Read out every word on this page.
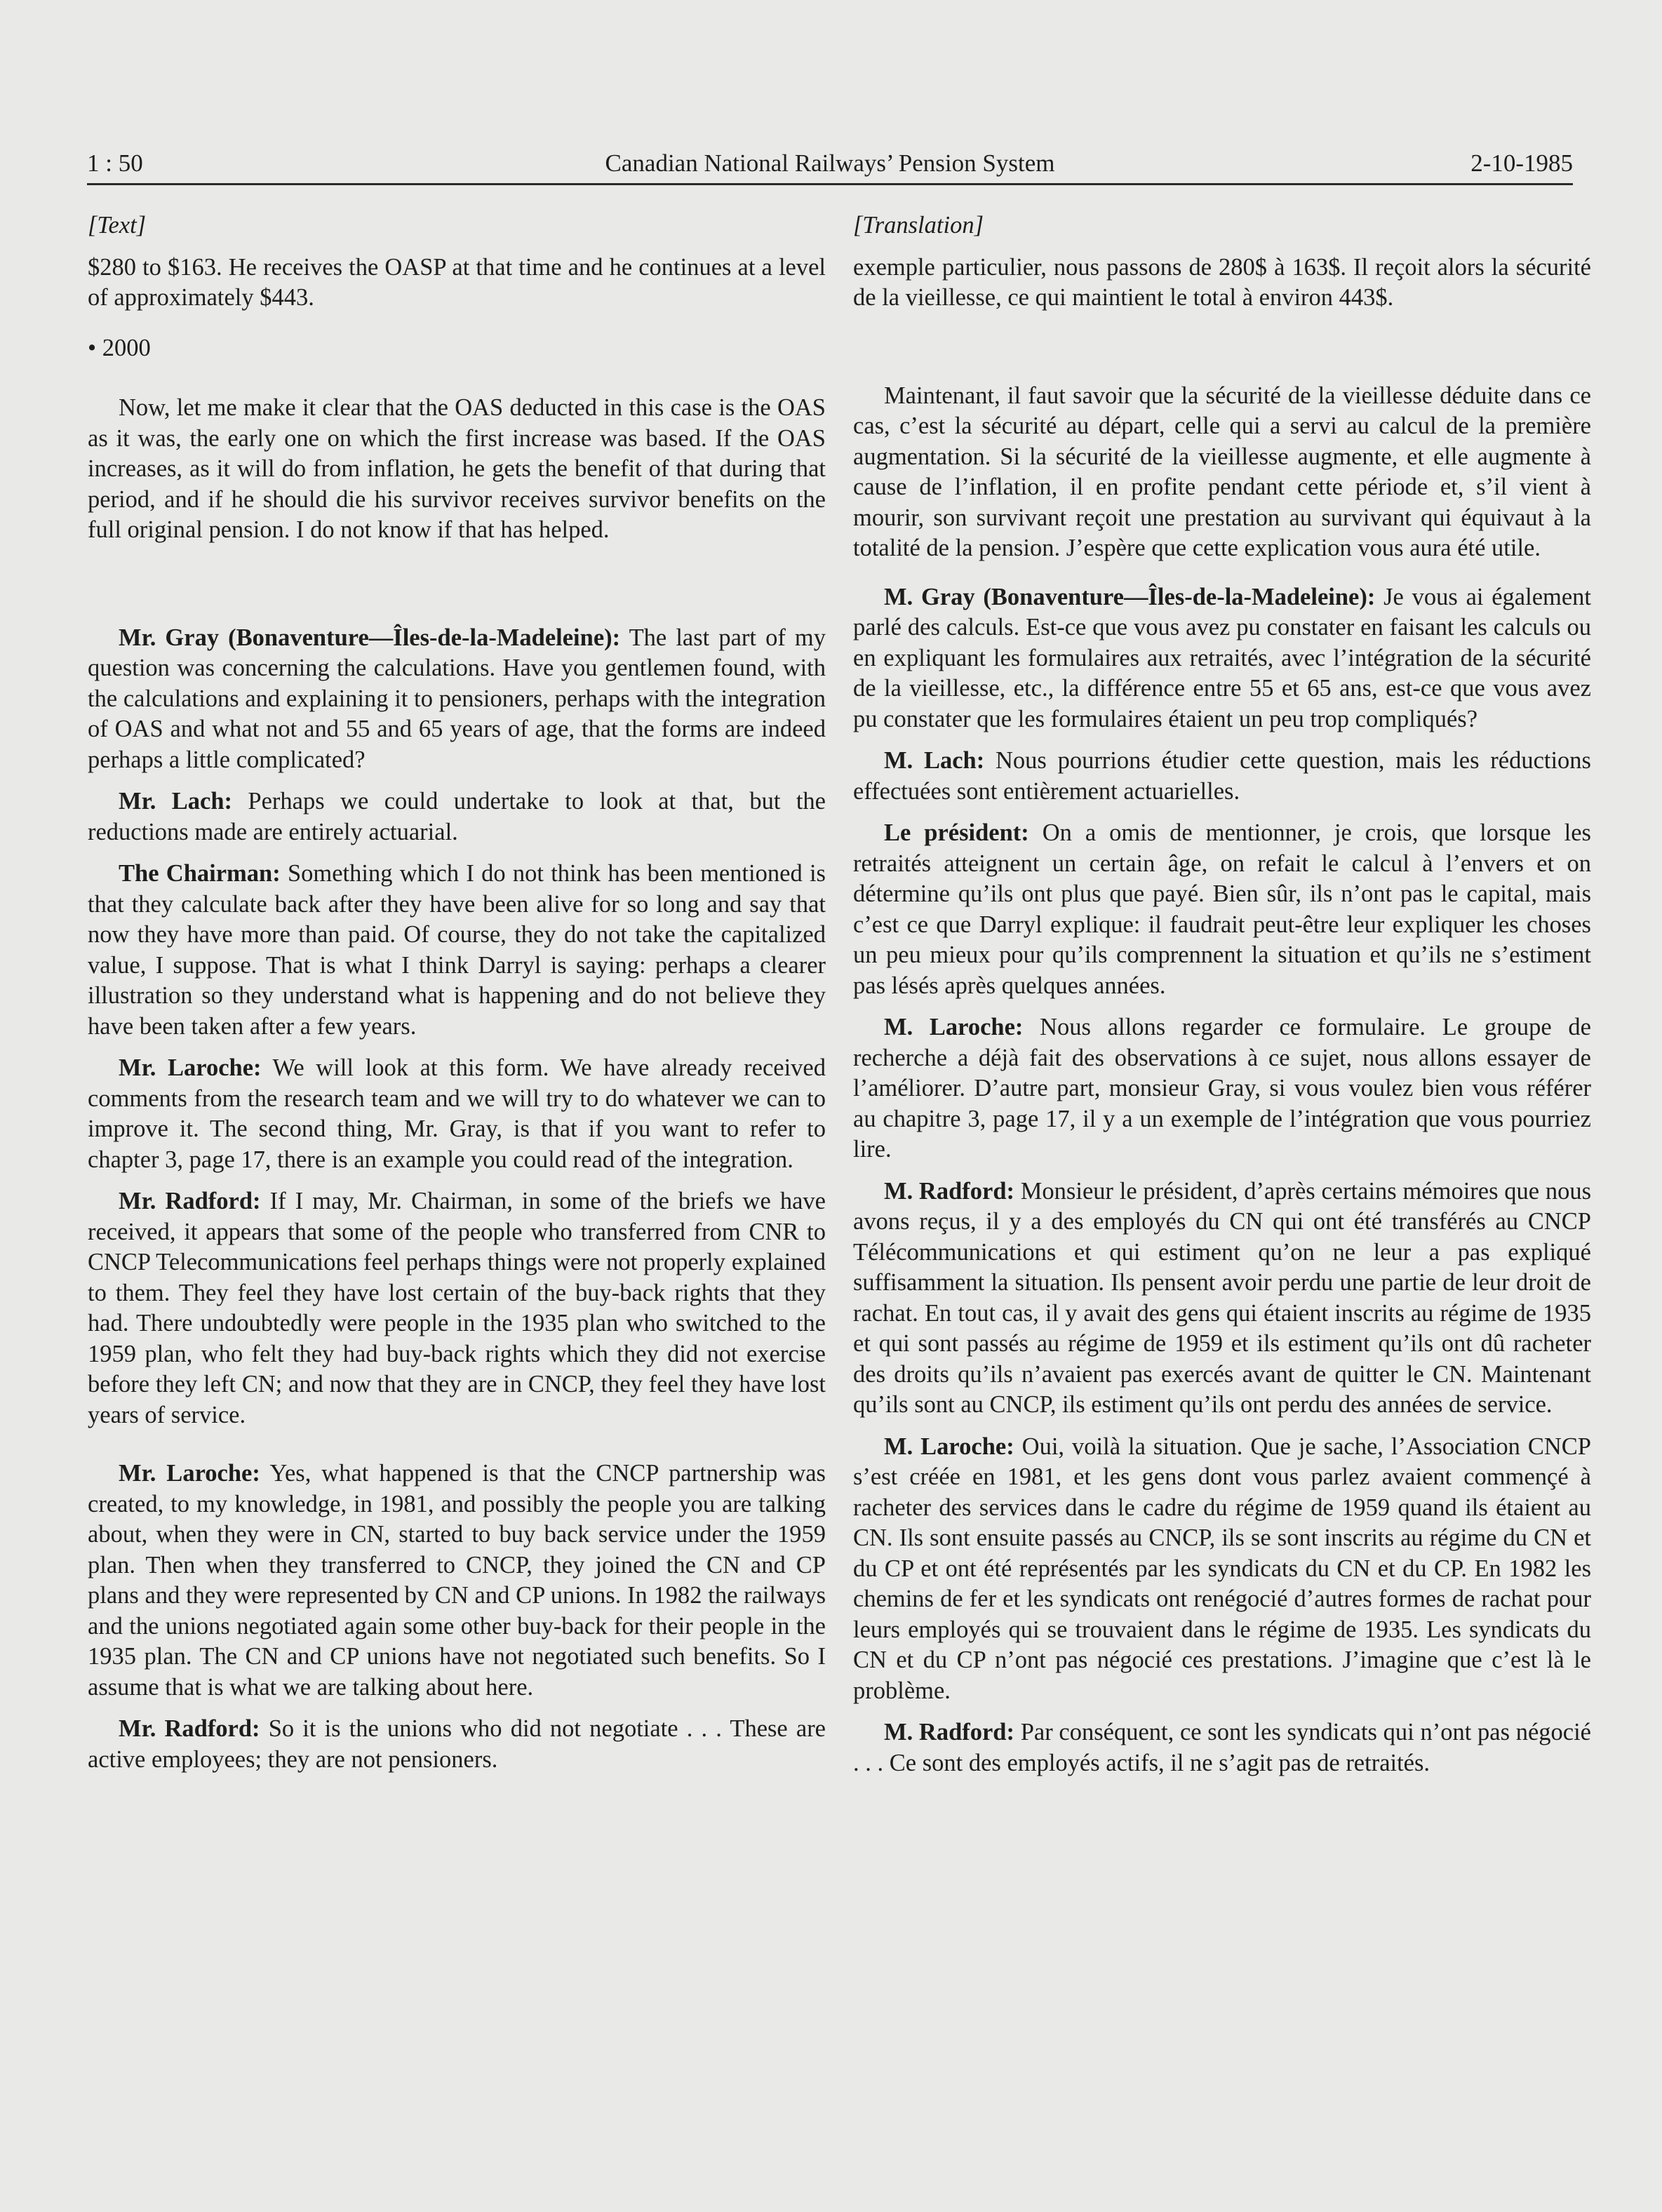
1 : 50	Canadian National Railways’ Pension System	2-10-1985

[Text]

$280 to $163. He receives the OASP at that time and he continues at a level of approximately $443.

• 2000

Now, let me make it clear that the OAS deducted in this case is the OAS as it was, the early one on which the first increase was based. If the OAS increases, as it will do from inflation, he gets the benefit of that during that period, and if he should die his survivor receives survivor benefits on the full original pension. I do not know if that has helped.

Mr. Gray (Bonaventure—Îles-de-la-Madeleine): The last part of my question was concerning the calculations. Have you gentlemen found, with the calculations and explaining it to pensioners, perhaps with the integration of OAS and what not and 55 and 65 years of age, that the forms are indeed perhaps a little complicated?

Mr. Lach: Perhaps we could undertake to look at that, but the reductions made are entirely actuarial.

The Chairman: Something which I do not think has been mentioned is that they calculate back after they have been alive for so long and say that now they have more than paid. Of course, they do not take the capitalized value, I suppose. That is what I think Darryl is saying: perhaps a clearer illustration so they understand what is happening and do not believe they have been taken after a few years.

Mr. Laroche: We will look at this form. We have already received comments from the research team and we will try to do whatever we can to improve it. The second thing, Mr. Gray, is that if you want to refer to chapter 3, page 17, there is an example you could read of the integration.

Mr. Radford: If I may, Mr. Chairman, in some of the briefs we have received, it appears that some of the people who transferred from CNR to CNCP Telecommunications feel perhaps things were not properly explained to them. They feel they have lost certain of the buy-back rights that they had. There undoubtedly were people in the 1935 plan who switched to the 1959 plan, who felt they had buy-back rights which they did not exercise before they left CN; and now that they are in CNCP, they feel they have lost years of service.

Mr. Laroche: Yes, what happened is that the CNCP partnership was created, to my knowledge, in 1981, and possibly the people you are talking about, when they were in CN, started to buy back service under the 1959 plan. Then when they transferred to CNCP, they joined the CN and CP plans and they were represented by CN and CP unions. In 1982 the railways and the unions negotiated again some other buy-back for their people in the 1935 plan. The CN and CP unions have not negotiated such benefits. So I assume that is what we are talking about here.

Mr. Radford: So it is the unions who did not negotiate . . . These are active employees; they are not pensioners.

[Translation]

exemple particulier, nous passons de 280$ à 163$. Il reçoit alors la sécurité de la vieillesse, ce qui maintient le total à environ 443$.

Maintenant, il faut savoir que la sécurité de la vieillesse déduite dans ce cas, c’est la sécurité au départ, celle qui a servi au calcul de la première augmentation. Si la sécurité de la vieillesse augmente, et elle augmente à cause de l’inflation, il en profite pendant cette période et, s’il vient à mourir, son survivant reçoit une prestation au survivant qui équivaut à la totalité de la pension. J’espère que cette explication vous aura été utile.

M. Gray (Bonaventure—Îles-de-la-Madeleine): Je vous ai également parlé des calculs. Est-ce que vous avez pu constater en faisant les calculs ou en expliquant les formulaires aux retraités, avec l’intégration de la sécurité de la vieillesse, etc., la différence entre 55 et 65 ans, est-ce que vous avez pu constater que les formulaires étaient un peu trop compliqués?

M. Lach: Nous pourrions étudier cette question, mais les réductions effectuées sont entièrement actuarielles.

Le président: On a omis de mentionner, je crois, que lorsque les retraités atteignent un certain âge, on refait le calcul à l’envers et on détermine qu’ils ont plus que payé. Bien sûr, ils n’ont pas le capital, mais c’est ce que Darryl explique: il faudrait peut-être leur expliquer les choses un peu mieux pour qu’ils comprennent la situation et qu’ils ne s’estiment pas lésés après quelques années.

M. Laroche: Nous allons regarder ce formulaire. Le groupe de recherche a déjà fait des observations à ce sujet, nous allons essayer de l’améliorer. D’autre part, monsieur Gray, si vous voulez bien vous référer au chapitre 3, page 17, il y a un exemple de l’intégration que vous pourriez lire.

M. Radford: Monsieur le président, d’après certains mémoires que nous avons reçus, il y a des employés du CN qui ont été transférés au CNCP Télécommunications et qui estiment qu’on ne leur a pas expliqué suffisamment la situation. Ils pensent avoir perdu une partie de leur droit de rachat. En tout cas, il y avait des gens qui étaient inscrits au régime de 1935 et qui sont passés au régime de 1959 et ils estiment qu’ils ont dû racheter des droits qu’ils n’avaient pas exercés avant de quitter le CN. Maintenant qu’ils sont au CNCP, ils estiment qu’ils ont perdu des années de service.

M. Laroche: Oui, voilà la situation. Que je sache, l’Association CNCP s’est créée en 1981, et les gens dont vous parlez avaient commençé à racheter des services dans le cadre du régime de 1959 quand ils étaient au CN. Ils sont ensuite passés au CNCP, ils se sont inscrits au régime du CN et du CP et ont été représentés par les syndicats du CN et du CP. En 1982 les chemins de fer et les syndicats ont renégocié d’autres formes de rachat pour leurs employés qui se trouvaient dans le régime de 1935. Les syndicats du CN et du CP n’ont pas négocié ces prestations. J’imagine que c’est là le problème.

M. Radford: Par conséquent, ce sont les syndicats qui n’ont pas négocié . . . Ce sont des employés actifs, il ne s’agit pas de retraités.
